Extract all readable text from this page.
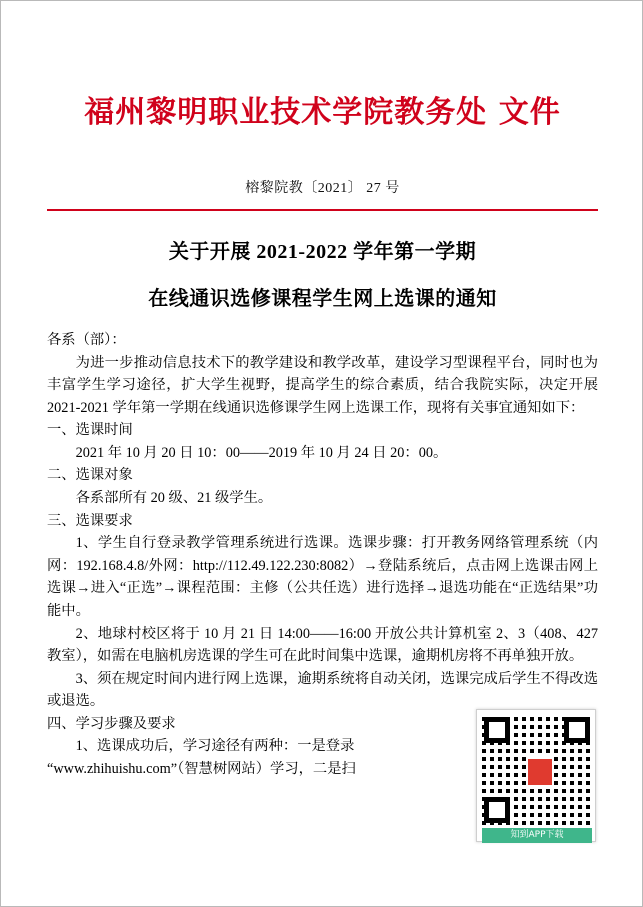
福州黎明职业技术学院教务处 文件
榕黎院教〔2021〕 27 号
关于开展 2021-2022 学年第一学期
在线通识选修课程学生网上选课的通知

各系（部）：

为进一步推动信息技术下的教学建设和教学改革，建设学习型课程平台，同时也为丰富学生学习途径，扩大学生视野，提高学生的综合素质，结合我院实际，决定开展 2021-2021 学年第一学期在线通识选修课学生网上选课工作，现将有关事宜通知如下：

一、选课时间

2021 年 10 月 20 日 10：00——2019 年 10 月 24 日 20：00。

二、选课对象

各系部所有 20 级、21 级学生。

三、选课要求

1、学生自行登录教学管理系统进行选课。选课步骤：打开教务网络管理系统（内网：192.168.4.8/外网：http://112.49.122.230:8082）→登陆系统后，点击网上选课击网上选课→进入“正选”→课程范围：主修（公共任选）进行选择→退选功能在“正选结果”功能中。

2、地球村校区将于 10 月 21 日 14:00——16:00 开放公共计算机室 2、3（408、427 教室），如需在电脑机房选课的学生可在此时间集中选课，逾期机房将不再单独开放。

3、须在规定时间内进行网上选课，逾期系统将自动关闭，选课完成后学生不得改选或退选。

四、学习步骤及要求

1、选课成功后，学习途径有两种：一是登录

“www.zhihuishu.com”（智慧树网站）学习，二是扫

知到APP下载
